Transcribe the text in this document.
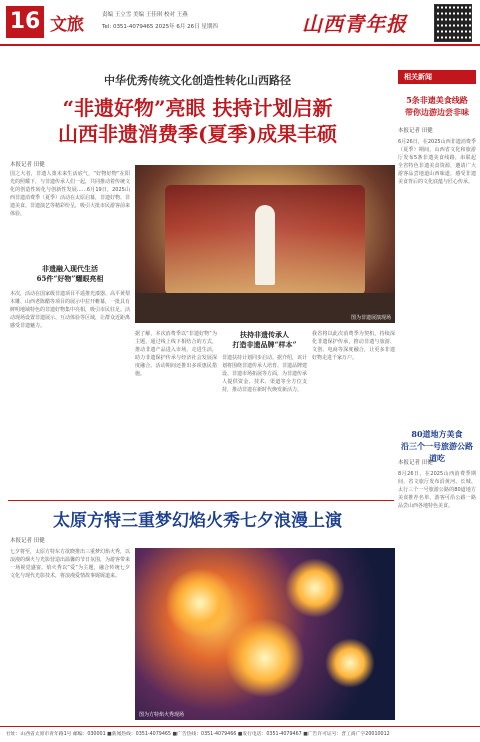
16 文旅	责编 王立雪 美编 王佳琪 校对 王燕
Tel: 0351-4079465 2025年 6月 26日 星期四	山西青年报
中华优秀传统文化创造性转化山西路径
“非遗好物”亮眼 扶持计划启新
山西非遗消费季(夏季)成果丰硕
本报记者 田健
国之大者，非遗人策未来生活底气，“好物好物”在阳光的照耀下，与非遗传承人们一起，共同推动着传统文化的创造性转化与创新性发展……6月19日，2025山西非遗消费季（夏季）活动在太原启幕，非遗好物、非遗美食、非遗演艺等精彩纷呈，吸引大批市民游客前来体验。
非遗融入现代生活
65件“好物”耀眼亮相
本次，活动在国家级非遗项目平遥推光漆器、高平黄梨木雕、山西老陈醋等项目的展示中拉开帷幕，一批具有鲜明地域特色的非遗好物集中亮相，吸引市民驻足。活动现场设置非遗展示、互动体验等区域，让群众近距离感受非遗魅力。
图为非遗展演现场
据了解，本次消费季以“非遗好物”为主题，通过线上线下相结合的方式，推动非遗产品进入市场、走进生活，助力非遗保护传承与经济社会发展深度融合。活动期间还推出多项惠民措施。
扶持非遗传承人
打造非遗品牌“样本”
非遗扶持计划同步启动。据介绍，该计划将围绕非遗传承人培育、非遗品牌建设、非遗市场拓展等方面，为非遗传承人提供资金、技术、渠道等全方位支持，推动非遗在新时代焕发新活力。
我省将以此次消费季为契机，持续深化非遗保护传承，推动非遗与旅游、文创、电商等深度融合，让更多非遗好物走进千家万户。
太原方特三重梦幻焰火秀七夕浪漫上演
本报记者 田健
七夕将至，太原方特东方欲晓推出三重梦幻焰火秀，以浪漫的烟火与光影营造出温馨的节日氛围，为游客带来一场视觉盛宴。焰火秀以“爱”为主题，融合传统七夕文化与现代光影技术，将浪漫爱情故事娓娓道来。
图为方特焰火秀现场
相关新闻
5条非遗美食线路
带你边游边尝非味
本报记者 田健
6月26日，在2025山西非遗消费季（夏季）期间，山西省文化和旅游厅发布5条非遗美食线路，串联起全省特色非遗美食资源，邀请广大游客品尝地道山西味道，感受非遗美食背后的文化底蕴与匠心传承。
80道地方美食
沿三个一号旅游公路道吃
本报记者 田健
8月26日，在2025山西消费季期间，省文旅厅发布沿黄河、长城、太行三个一号旅游公路的80道地方美食推荐名单，游客可沿公路一路品尝山西各地特色美食。
社址：山西省太原市青年路1号 邮编：030001 ■新闻热线：0351-4079465 ■广告热线：0351-4079466 ■发行电话：0351-4079467 ■广告许可证号：晋工商广字20010012
